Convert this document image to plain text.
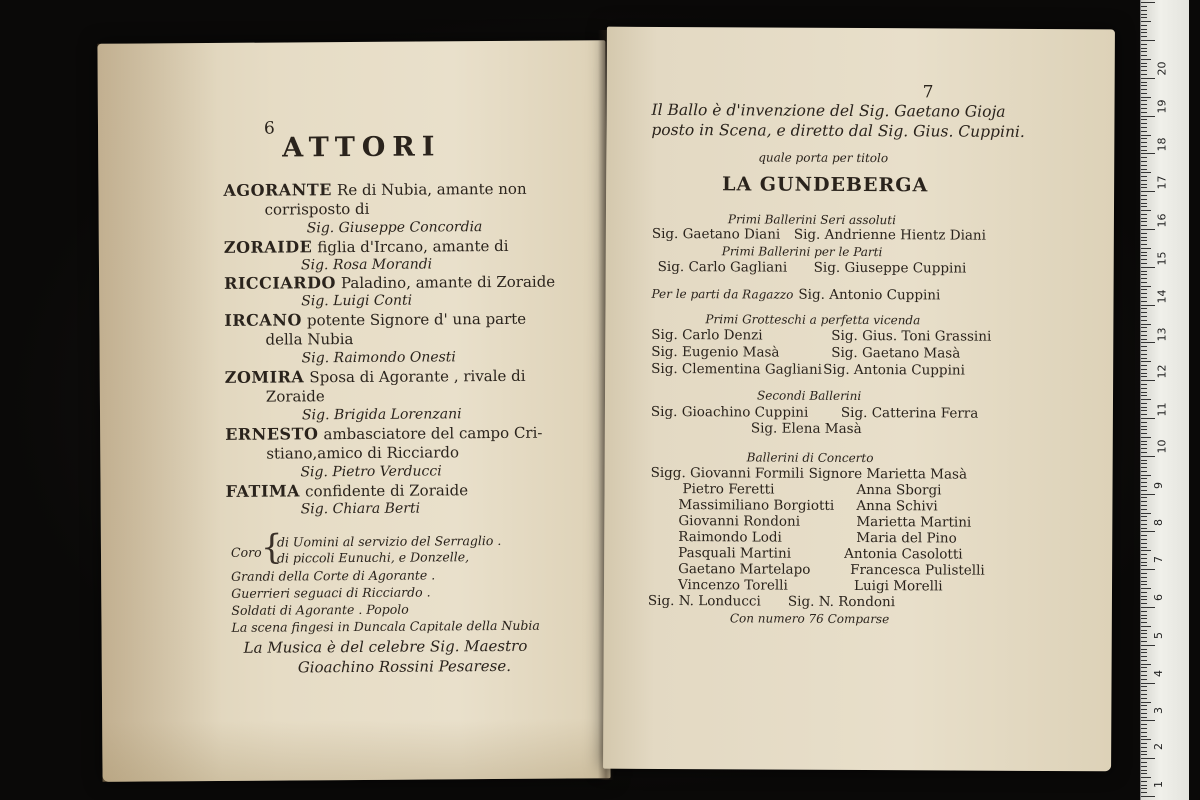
6
ATTORI
AGORANTE Re di Nubia, amante non
corrisposto di
Sig. Giuseppe Concordia
ZORAIDE figlia d'Ircano, amante di
Sig. Rosa Morandi
RICCIARDO Paladino, amante di Zoraide
Sig. Luigi Conti
IRCANO potente Signore d' una parte
della Nubia
Sig. Raimondo Onesti
ZOMIRA Sposa di Agorante , rivale di
Zoraide
Sig. Brigida Lorenzani
ERNESTO ambasciatore del campo Cri-
stiano,amico di Ricciardo
Sig. Pietro Verducci
FATIMA confidente di Zoraide
Sig. Chiara Berti
Coro {
di Uomini al servizio del Serraglio .
di piccoli Eunuchi, e Donzelle,
Grandi della Corte di Agorante .
Guerrieri seguaci di Ricciardo .
Soldati di Agorante . Popolo
La scena fingesi in Duncala Capitale della Nubia
La Musica è del celebre Sig. Maestro
Gioachino Rossini Pesarese.
7
Il Ballo è d'invenzione del Sig. Gaetano Gioja
posto in Scena, e diretto dal Sig. Gius. Cuppini.
quale porta per titolo
LA GUNDEBERGA
Primi Ballerini Seri assoluti
Sig. Gaetano Diani Sig. Andrienne Hientz Diani
Primi Ballerini per le Parti
Sig. Carlo Gagliani Sig. Giuseppe Cuppini
Per le parti da Ragazzo Sig. Antonio Cuppini
Primi Grotteschi a perfetta vicenda
Sig. Carlo Denzi	Sig. Gius. Toni Grassini
Sig. Eugenio Masà	Sig. Gaetano Masà
Sig. Clementina Gagliani Sig. Antonia Cuppini
Secondi Ballerini
Sig. Gioachino Cuppini Sig. Catterina Ferra
Sig. Elena Masà
Ballerini di Concerto
Sigg. Giovanni Formili Signore Marietta Masà
Pietro Feretti	Anna Sborgi
Massimiliano Borgiotti Anna Schivi
Giovanni Rondoni	Marietta Martini
Raimondo Lodi	Maria del Pino
Pasquali Martini	Antonia Casolotti
Gaetano Martelapo	Francesca Pulistelli
Vincenzo Torelli	Luigi Morelli
Sig. N. Londucci Sig. N. Rondoni
Con numero 76 Comparse
1
2
3
4
5
6
7
8
9
10
11
12
13
14
15
16
17
18
19
20
